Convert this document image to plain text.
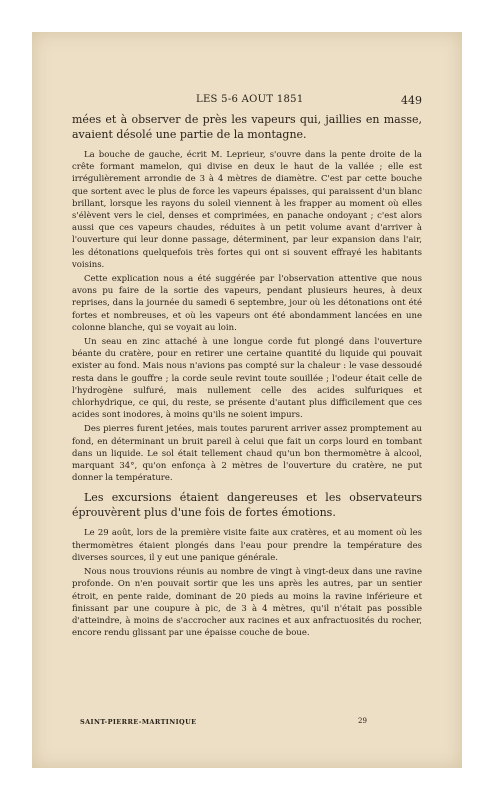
LES 5-6 AOUT 1851	449

mées et à observer de près les vapeurs qui, jaillies en masse, avaient désolé une partie de la montagne.

La bouche de gauche, écrit M. Leprieur, s'ouvre dans la pente droite de la crête formant mamelon, qui divise en deux le haut de la vallée ; elle est irrégulièrement arrondie de 3 à 4 mètres de diamètre. C'est par cette bouche que sortent avec le plus de force les vapeurs épaisses, qui paraissent d'un blanc brillant, lorsque les rayons du soleil viennent à les frapper au moment où elles s'élèvent vers le ciel, denses et comprimées, en panache ondoyant ; c'est alors aussi que ces vapeurs chaudes, réduites à un petit volume avant d'arriver à l'ouverture qui leur donne passage, déterminent, par leur expansion dans l'air, les détonations quelquefois très fortes qui ont si souvent effrayé les habitants voisins.

Cette explication nous a été suggérée par l'observation attentive que nous avons pu faire de la sortie des vapeurs, pendant plusieurs heures, à deux reprises, dans la journée du samedi 6 septembre, jour où les détonations ont été fortes et nombreuses, et où les vapeurs ont été abondamment lancées en une colonne blanche, qui se voyait au loin.

Un seau en zinc attaché à une longue corde fut plongé dans l'ouverture béante du cratère, pour en retirer une certaine quantité du liquide qui pouvait exister au fond. Mais nous n'avions pas compté sur la chaleur : le vase dessoudé resta dans le gouffre ; la corde seule revint toute souillée ; l'odeur était celle de l'hydrogène sulfuré, mais nullement celle des acides sulfuriques et chlorhydrique, ce qui, du reste, se présente d'autant plus difficilement que ces acides sont inodores, à moins qu'ils ne soient impurs.

Des pierres furent jetées, mais toutes parurent arriver assez promptement au fond, en déterminant un bruit pareil à celui que fait un corps lourd en tombant dans un liquide. Le sol était tellement chaud qu'un bon thermomètre à alcool, marquant 34°, qu'on enfonça à 2 mètres de l'ouverture du cratère, ne put donner la température.

Les excursions étaient dangereuses et les observateurs éprouvèrent plus d'une fois de fortes émotions.

Le 29 août, lors de la première visite faite aux cratères, et au moment où les thermomètres étaient plongés dans l'eau pour prendre la température des diverses sources, il y eut une panique générale.

Nous nous trouvions réunis au nombre de vingt à vingt-deux dans une ravine profonde. On n'en pouvait sortir que les uns après les autres, par un sentier étroit, en pente raide, dominant de 20 pieds au moins la ravine inférieure et finissant par une coupure à pic, de 3 à 4 mètres, qu'il n'était pas possible d'atteindre, à moins de s'accrocher aux racines et aux anfractuosités du rocher, encore rendu glissant par une épaisse couche de boue.

SAINT-PIERRE-MARTINIQUE	29
